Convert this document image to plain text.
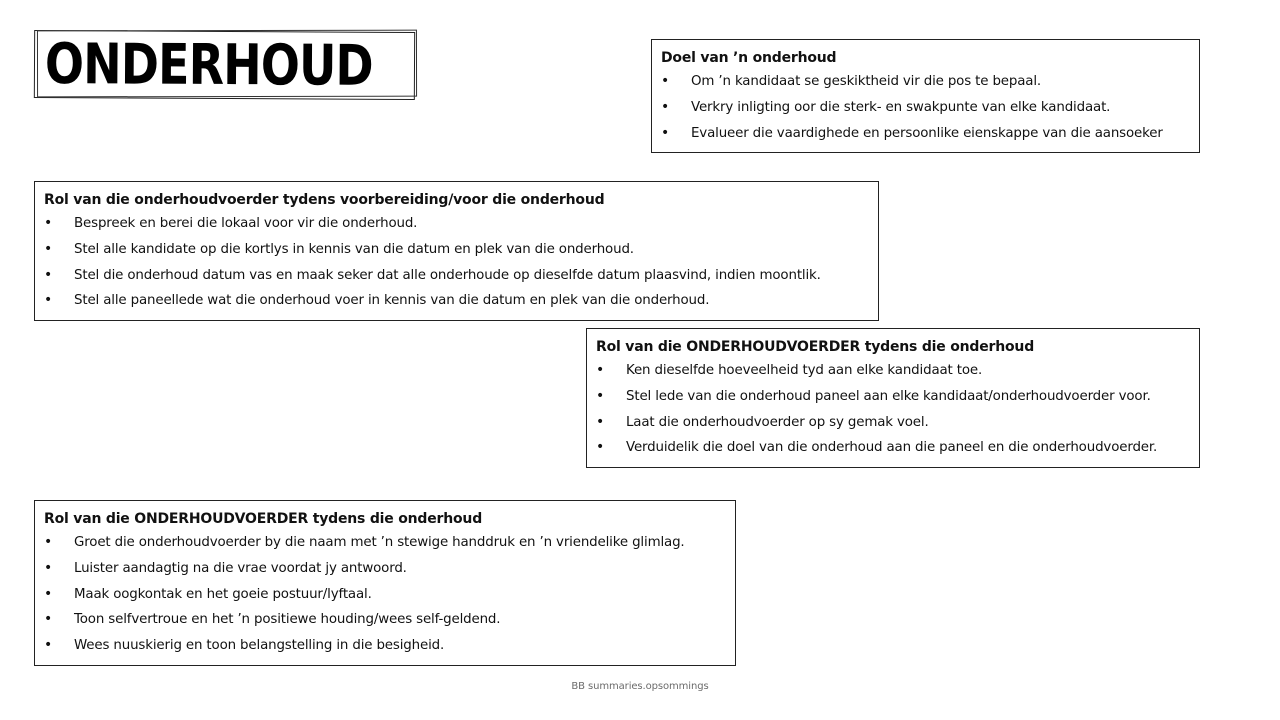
ONDERHOUD	Doel van ’n onderhoud
• Om ’n kandidaat se geskiktheid vir die pos te bepaal.
• Verkry inligting oor die sterk- en swakpunte van elke kandidaat.
• Evalueer die vaardighede en persoonlike eienskappe van die aansoeker
Rol van die onderhoudvoerder tydens voorbereiding/voor die onderhoud
• Bespreek en berei die lokaal voor vir die onderhoud.
• Stel alle kandidate op die kortlys in kennis van die datum en plek van die onderhoud.
• Stel die onderhoud datum vas en maak seker dat alle onderhoude op dieselfde datum plaasvind, indien moontlik.
• Stel alle paneellede wat die onderhoud voer in kennis van die datum en plek van die onderhoud.
Rol van die ONDERHOUDVOERDER tydens die onderhoud
• Ken dieselfde hoeveelheid tyd aan elke kandidaat toe.
• Stel lede van die onderhoud paneel aan elke kandidaat/onderhoudvoerder voor.
• Laat die onderhoudvoerder op sy gemak voel.
• Verduidelik die doel van die onderhoud aan die paneel en die onderhoudvoerder.
Rol van die ONDERHOUDVOERDER tydens die onderhoud
• Groet die onderhoudvoerder by die naam met ’n stewige handdruk en ’n vriendelike glimlag.
• Luister aandagtig na die vrae voordat jy antwoord.
• Maak oogkontak en het goeie postuur/lyftaal.
• Toon selfvertroue en het ’n positiewe houding/wees self-geldend.
• Wees nuuskierig en toon belangstelling in die besigheid.
BB summaries.opsommings
